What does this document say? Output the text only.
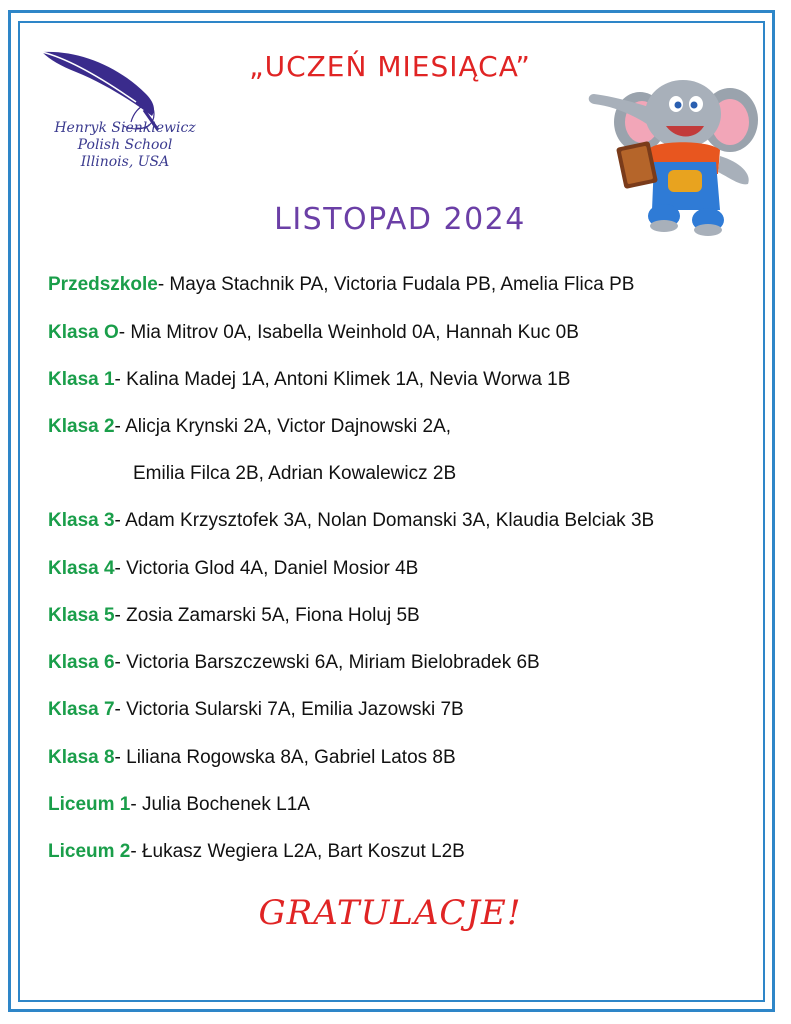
Henryk Sienkiewicz
Polish School
Illinois, USA
„UCZEŃ MIESIĄCA”
LISTOPAD 2024
Przedszkole- Maya Stachnik PA, Victoria Fudala PB, Amelia Flica PB
Klasa O- Mia Mitrov 0A, Isabella Weinhold 0A, Hannah Kuc 0B
Klasa 1- Kalina Madej 1A, Antoni Klimek 1A, Nevia Worwa 1B
Klasa 2- Alicja Krynski 2A, Victor Dajnowski 2A,
Emilia Filca 2B, Adrian Kowalewicz 2B
Klasa 3- Adam Krzysztofek 3A, Nolan Domanski 3A, Klaudia Belciak 3B
Klasa 4- Victoria Glod 4A, Daniel Mosior 4B
Klasa 5- Zosia Zamarski 5A, Fiona Holuj 5B
Klasa 6- Victoria Barszczewski 6A, Miriam Bielobradek 6B
Klasa 7- Victoria Sularski 7A, Emilia Jazowski 7B
Klasa 8- Liliana Rogowska 8A, Gabriel Latos 8B
Liceum 1- Julia Bochenek L1A
Liceum 2- Łukasz Wegiera L2A, Bart Koszut L2B
GRATULACJE!
